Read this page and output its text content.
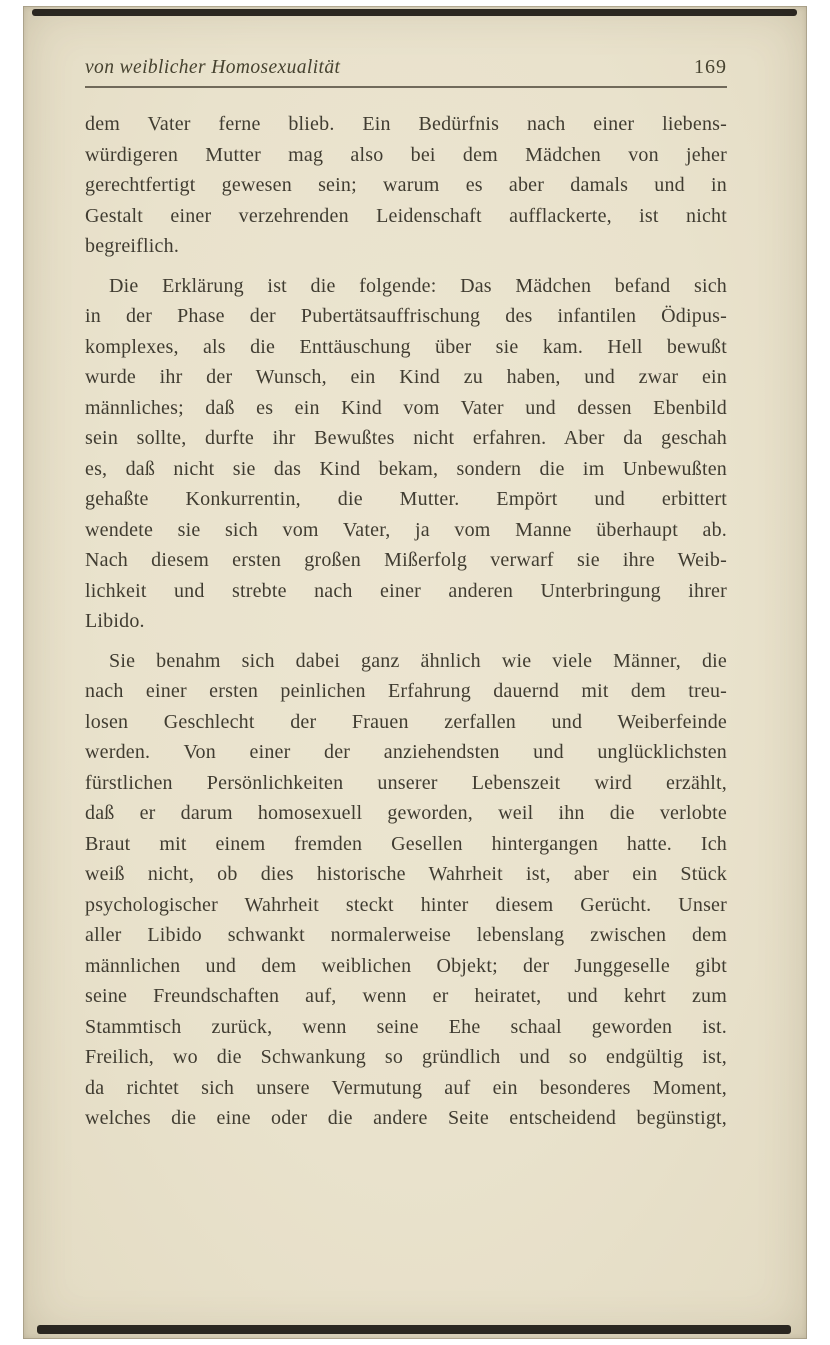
von weiblicher Homosexualität	169
dem Vater ferne blieb. Ein Bedürfnis nach einer liebens-
würdigeren Mutter mag also bei dem Mädchen von jeher
gerechtfertigt gewesen sein; warum es aber damals und in
Gestalt einer verzehrenden Leidenschaft aufflackerte, ist nicht
begreiflich.
Die Erklärung ist die folgende: Das Mädchen befand sich
in der Phase der Pubertätsauffrischung des infantilen Ödipus-
komplexes, als die Enttäuschung über sie kam. Hell bewußt
wurde ihr der Wunsch, ein Kind zu haben, und zwar ein
männliches; daß es ein Kind vom Vater und dessen Ebenbild
sein sollte, durfte ihr Bewußtes nicht erfahren. Aber da geschah
es, daß nicht sie das Kind bekam, sondern die im Unbewußten
gehaßte Konkurrentin, die Mutter. Empört und erbittert
wendete sie sich vom Vater, ja vom Manne überhaupt ab.
Nach diesem ersten großen Mißerfolg verwarf sie ihre Weib-
lichkeit und strebte nach einer anderen Unterbringung ihrer
Libido.
Sie benahm sich dabei ganz ähnlich wie viele Männer, die
nach einer ersten peinlichen Erfahrung dauernd mit dem treu-
losen Geschlecht der Frauen zerfallen und Weiberfeinde
werden. Von einer der anziehendsten und unglücklichsten
fürstlichen Persönlichkeiten unserer Lebenszeit wird erzählt,
daß er darum homosexuell geworden, weil ihn die verlobte
Braut mit einem fremden Gesellen hintergangen hatte. Ich
weiß nicht, ob dies historische Wahrheit ist, aber ein Stück
psychologischer Wahrheit steckt hinter diesem Gerücht. Unser
aller Libido schwankt normalerweise lebenslang zwischen dem
männlichen und dem weiblichen Objekt; der Junggeselle gibt
seine Freundschaften auf, wenn er heiratet, und kehrt zum
Stammtisch zurück, wenn seine Ehe schaal geworden ist.
Freilich, wo die Schwankung so gründlich und so endgültig ist,
da richtet sich unsere Vermutung auf ein besonderes Moment,
welches die eine oder die andere Seite entscheidend begünstigt,
